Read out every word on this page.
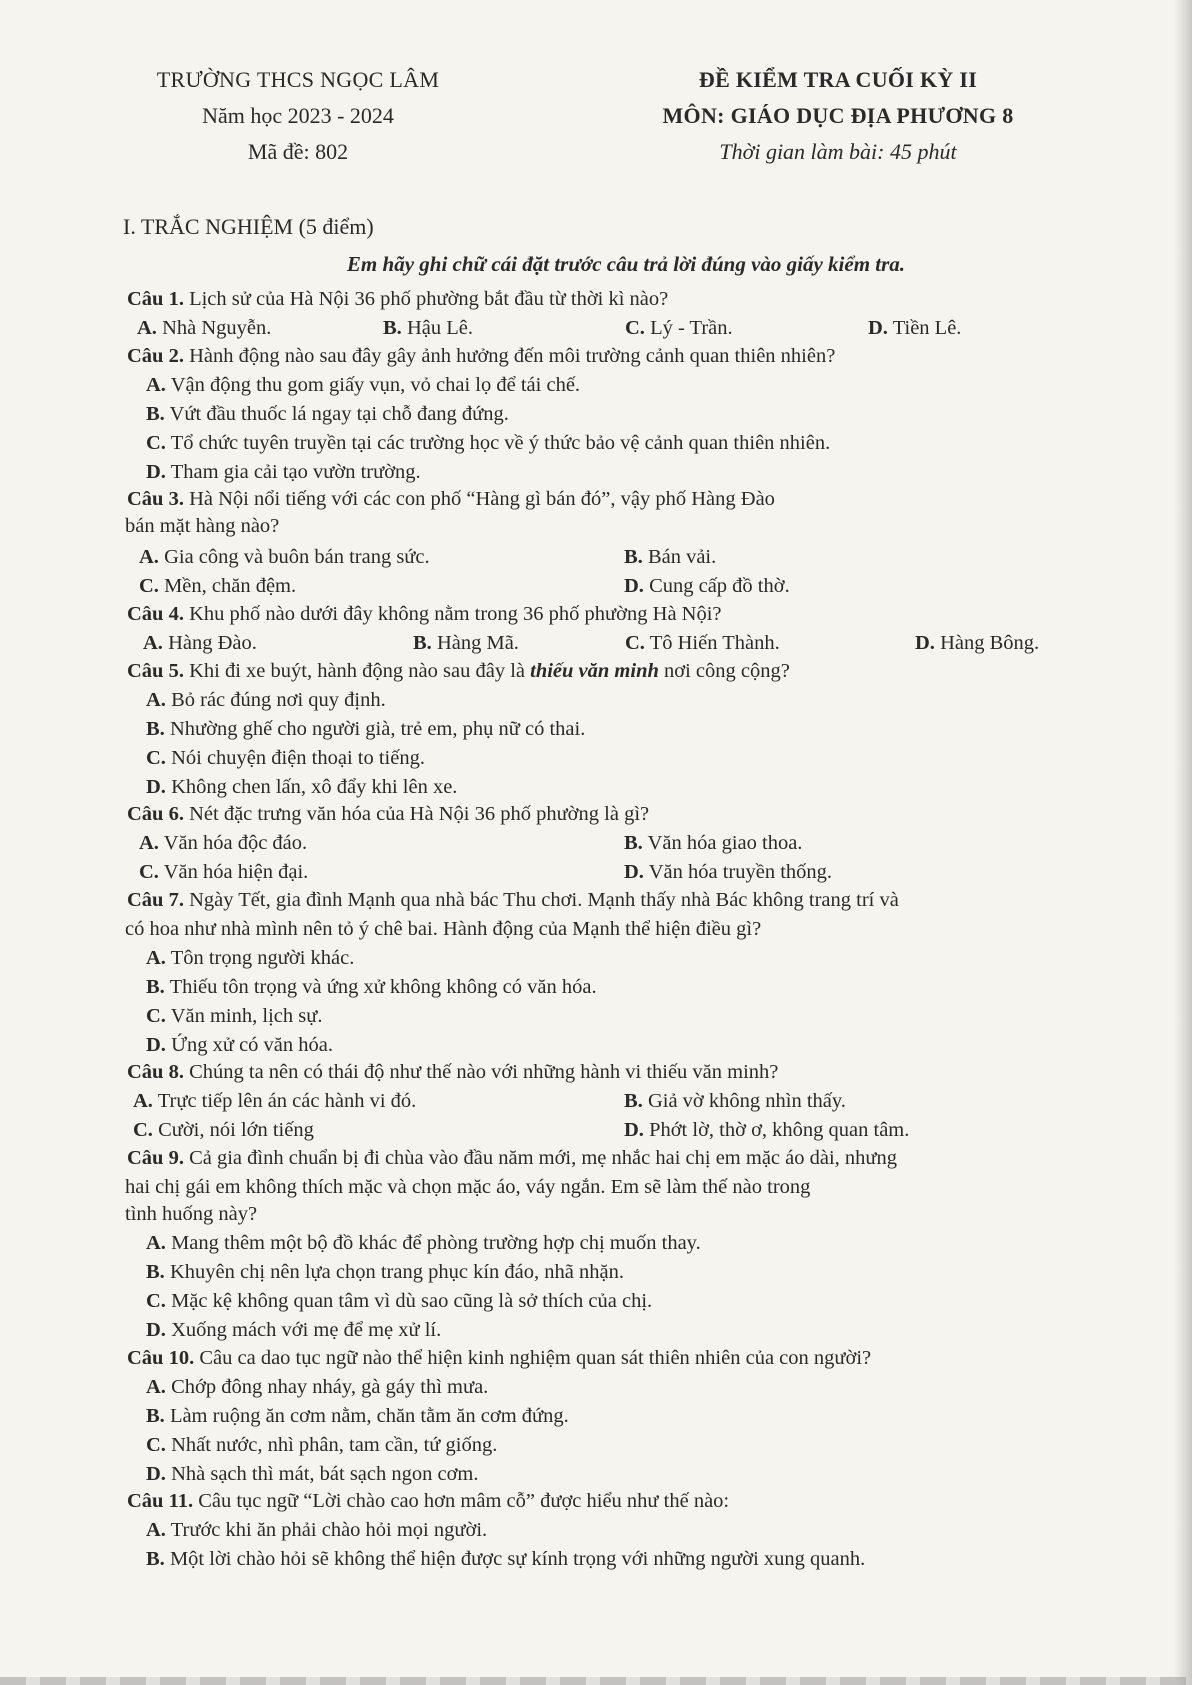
TRƯỜNG THCS NGỌC LÂM
Năm học 2023 - 2024
Mã đề: 802
ĐỀ KIỂM TRA CUỐI KỲ II
MÔN: GIÁO DỤC ĐỊA PHƯƠNG 8
Thời gian làm bài: 45 phút
I. TRẮC NGHIỆM (5 điểm)
Em hãy ghi chữ cái đặt trước câu trả lời đúng vào giấy kiểm tra.
Câu 1. Lịch sử của Hà Nội 36 phố phường bắt đầu từ thời kì nào?
A. Nhà Nguyễn.	B. Hậu Lê.	C. Lý - Trần.	D. Tiền Lê.
Câu 2. Hành động nào sau đây gây ảnh hưởng đến môi trường cảnh quan thiên nhiên?
A. Vận động thu gom giấy vụn, vỏ chai lọ để tái chế.
B. Vứt đầu thuốc lá ngay tại chỗ đang đứng.
C. Tổ chức tuyên truyền tại các trường học về ý thức bảo vệ cảnh quan thiên nhiên.
D. Tham gia cải tạo vườn trường.
Câu 3. Hà Nội nổi tiếng với các con phố “Hàng gì bán đó”, vậy phố Hàng Đào
bán mặt hàng nào?
A. Gia công và buôn bán trang sức.	B. Bán vải.
C. Mền, chăn đệm.	D. Cung cấp đồ thờ.
Câu 4. Khu phố nào dưới đây không nằm trong 36 phố phường Hà Nội?
A. Hàng Đào.	B. Hàng Mã.	C. Tô Hiến Thành.	D. Hàng Bông.
Câu 5. Khi đi xe buýt, hành động nào sau đây là thiếu văn minh nơi công cộng?
A. Bỏ rác đúng nơi quy định.
B. Nhường ghế cho người già, trẻ em, phụ nữ có thai.
C. Nói chuyện điện thoại to tiếng.
D. Không chen lấn, xô đẩy khi lên xe.
Câu 6. Nét đặc trưng văn hóa của Hà Nội 36 phố phường là gì?
A. Văn hóa độc đáo.	B. Văn hóa giao thoa.
C. Văn hóa hiện đại.	D. Văn hóa truyền thống.
Câu 7. Ngày Tết, gia đình Mạnh qua nhà bác Thu chơi. Mạnh thấy nhà Bác không trang trí và
có hoa như nhà mình nên tỏ ý chê bai. Hành động của Mạnh thể hiện điều gì?
A. Tôn trọng người khác.
B. Thiếu tôn trọng và ứng xử không không có văn hóa.
C. Văn minh, lịch sự.
D. Ứng xử có văn hóa.
Câu 8. Chúng ta nên có thái độ như thế nào với những hành vi thiếu văn minh?
A. Trực tiếp lên án các hành vi đó.	B. Giả vờ không nhìn thấy.
C. Cười, nói lớn tiếng	D. Phớt lờ, thờ ơ, không quan tâm.
Câu 9. Cả gia đình chuẩn bị đi chùa vào đầu năm mới, mẹ nhắc hai chị em mặc áo dài, nhưng
hai chị gái em không thích mặc và chọn mặc áo, váy ngắn. Em sẽ làm thế nào trong
tình huống này?
A. Mang thêm một bộ đồ khác để phòng trường hợp chị muốn thay.
B. Khuyên chị nên lựa chọn trang phục kín đáo, nhã nhặn.
C. Mặc kệ không quan tâm vì dù sao cũng là sở thích của chị.
D. Xuống mách với mẹ để mẹ xử lí.
Câu 10. Câu ca dao tục ngữ nào thể hiện kinh nghiệm quan sát thiên nhiên của con người?
A. Chớp đông nhay nháy, gà gáy thì mưa.
B. Làm ruộng ăn cơm nằm, chăn tằm ăn cơm đứng.
C. Nhất nước, nhì phân, tam cần, tứ giống.
D. Nhà sạch thì mát, bát sạch ngon cơm.
Câu 11. Câu tục ngữ “Lời chào cao hơn mâm cỗ” được hiểu như thế nào:
A. Trước khi ăn phải chào hỏi mọi người.
B. Một lời chào hỏi sẽ không thể hiện được sự kính trọng với những người xung quanh.
